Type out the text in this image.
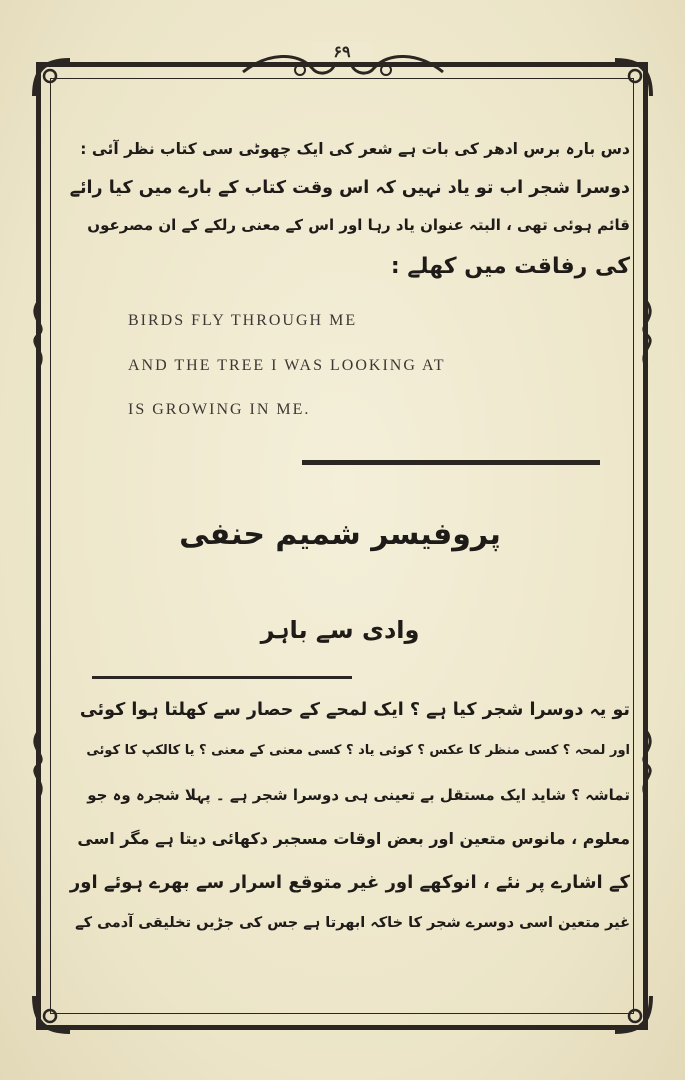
۶۹
دس بارہ برس ادھر کی بات ہے شعر کی ایک چھوٹی سی کتاب نظر آئی :
دوسرا شجر اب تو یاد نہیں کہ اس وقت کتاب کے بارے میں کیا رائے
قائم ہوئی تھی ، البتہ عنوان یاد رہا اور اس کے معنی رلکے کے ان مصرعوں
کی رفاقت میں کھلے :
BIRDS FLY THROUGH ME
AND THE TREE I WAS LOOKING AT
IS GROWING IN ME.
پروفیسر شمیم حنفی
وادی سے باہر
تو یہ دوسرا شجر کیا ہے ؟ ایک لمحے کے حصار سے کھلتا ہوا کوئی
اور لمحہ ؟ کسی منظر کا عکس ؟ کوئی یاد ؟ کسی معنی کے معنی ؟ یا کالکپ کا کوئی
تماشہ ؟ شاید ایک مستقل بے تعینی ہی دوسرا شجر ہے ۔ پہلا شجرہ وہ جو
معلوم ، مانوس متعین اور بعض اوقات مسجبر دکھائی دیتا ہے مگر اسی
کے اشارے پر نئے ، انوکھے اور غیر متوقع اسرار سے بھرے ہوئے اور
غیر متعین اسی دوسرے شجر کا خاکہ ابھرتا ہے جس کی جڑیں تخلیقی آدمی کے
